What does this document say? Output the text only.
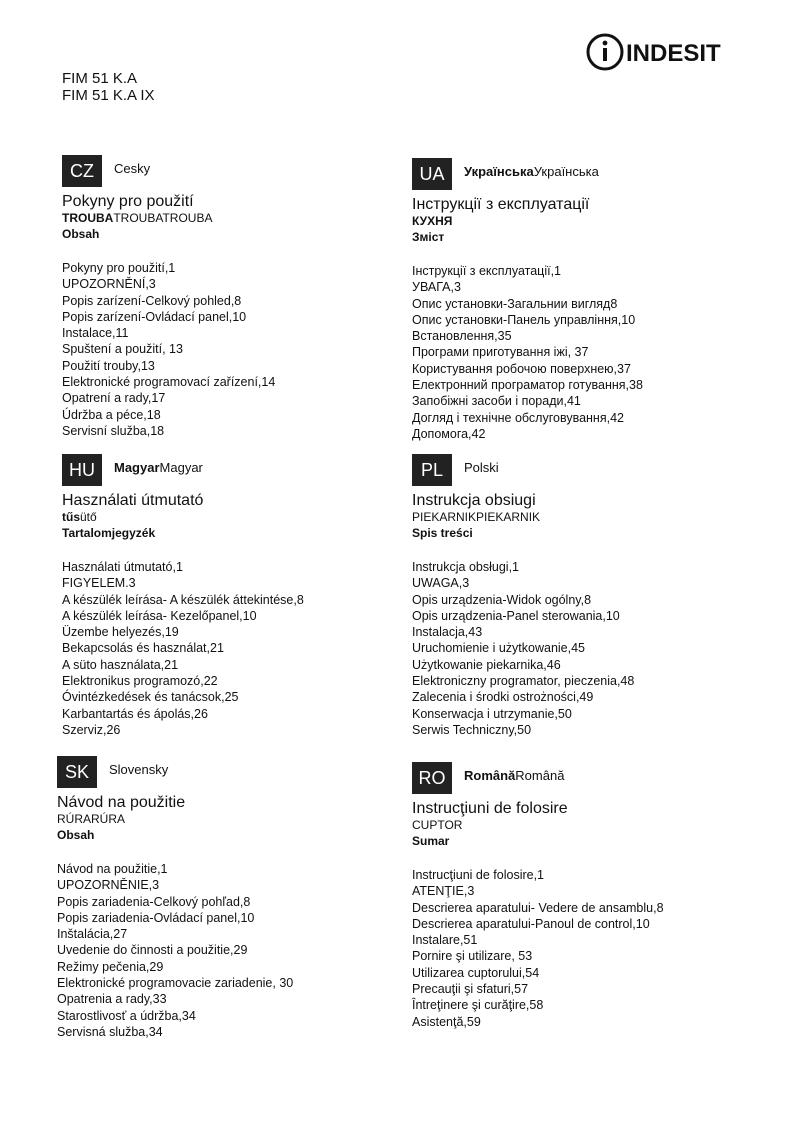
INDESIT
FIM 51 K.A
FIM 51 K.A IX
CZ	Cesky
Pokyny pro použití
TROUBATROUBATROUBA
Obsah
Pokyny pro použití,1
UPOZORNĚNÍ,3
Popis zarízení-Celkový pohled,8
Popis zarízení-Ovládací panel,10
Instalace,11
Spuštení a použití, 13
Použití trouby,13
Elektronické programovací zařízení,14
Opatrení a rady,17
Údržba a péce,18
Servisní služba,18
HU	MagyarMagyar
Használati útmutató
tűsütő
Tartalomjegyzék
Használati útmutató,1
FIGYELEM.3
A készülék leírása- A készülék áttekintése,8
A készülék leírása- Kezelőpanel,10
Üzembe helyezés,19
Bekapcsolás és használat,21
A süto használata,21
Elektronikus programozó,22
Óvintézkedések és tanácsok,25
Karbantartás és ápolás,26
Szerviz,26
SK	Slovensky
Návod na použitie
RÚRARÚRA
Obsah
Návod na použitie,1
UPOZORNĚNIE,3
Popis zariadenia-Celkový pohľad,8
Popis zariadenia-Ovládací panel,10
Inštalácia,27
Uvedenie do činnosti a použitie,29
Režimy pečenia,29
Elektronické programovacie zariadenie, 30
Opatrenia a rady,33
Starostlivosť a údržba,34
Servisná služba,34
UA	УкраїнськаУкраїнська
Інструкції з експлуатації
КУХНЯ
Зміст
Інструкції з експлуатації,1
УВАГА,3
Опис установки-Загальнии вигляд8
Опис установки-Панель управління,10
Встановлення,35
Програми приготування іжі, 37
Користування робочою поверхнею,37
Електронний програматор готування,38
Запобіжні засоби і поради,41
Догляд і технічне обслуговування,42
Допомога,42
PL	Polski
Instrukcja obsiugi
PIEKARNIKPIEKARNIK
Spis treści
Instrukcja obsługi,1
UWAGA,3
Opis urządzenia-Widok ogólny,8
Opis urządzenia-Panel sterowania,10
Instalacja,43
Uruchomienie i użytkowanie,45
Użytkowanie piekarnika,46
Elektroniczny programator, pieczenia,48
Zalecenia i środki ostrożności,49
Konserwacja i utrzymanie,50
Serwis Techniczny,50
RO	RomânăRomână
Instrucţiuni de folosire
CUPTOR
Sumar
Instrucţiuni de folosire,1
ATENŢIE,3
Descrierea aparatului- Vedere de ansamblu,8
Descrierea aparatului-Panoul de control,10
Instalare,51
Pornire şi utilizare, 53
Utilizarea cuptorului,54
Precauţii şi sfaturi,57
Întreţinere şi curăţire,58
Asistenţă,59
